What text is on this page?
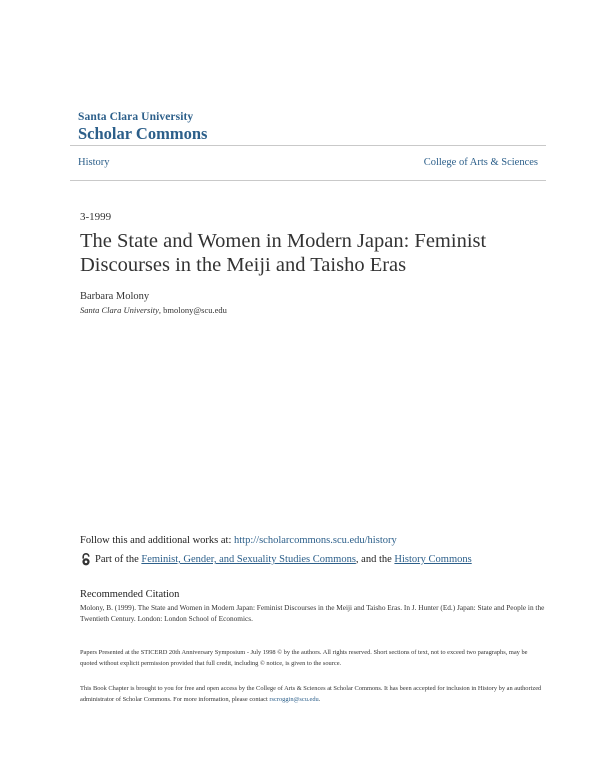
Santa Clara University
Scholar Commons
History	College of Arts & Sciences
3-1999
The State and Women in Modern Japan: Feminist Discourses in the Meiji and Taisho Eras
Barbara Molony
Santa Clara University, bmolony@scu.edu
Follow this and additional works at: http://scholarcommons.scu.edu/history
Part of the
Feminist, Gender, and Sexuality Studies Commons , and the
History Commons
Recommended Citation
Molony, B. (1999). The State and Women in Modern Japan: Feminist Discourses in the Meiji and Taisho Eras. In J. Hunter (Ed.) Japan: State and People in the Twentieth Century. London: London School of Economics.
Papers Presented at the STICERD 20th Anniversary Symposium - July 1998 © by the authors. All rights reserved. Short sections of text, not to exceed two paragraphs, may be quoted without explicit permission provided that full credit, including © notice, is given to the source.
This Book Chapter is brought to you for free and open access by the College of Arts & Sciences at Scholar Commons. It has been accepted for inclusion in History by an authorized administrator of Scholar Commons. For more information, please contact rscroggin@scu.edu.
